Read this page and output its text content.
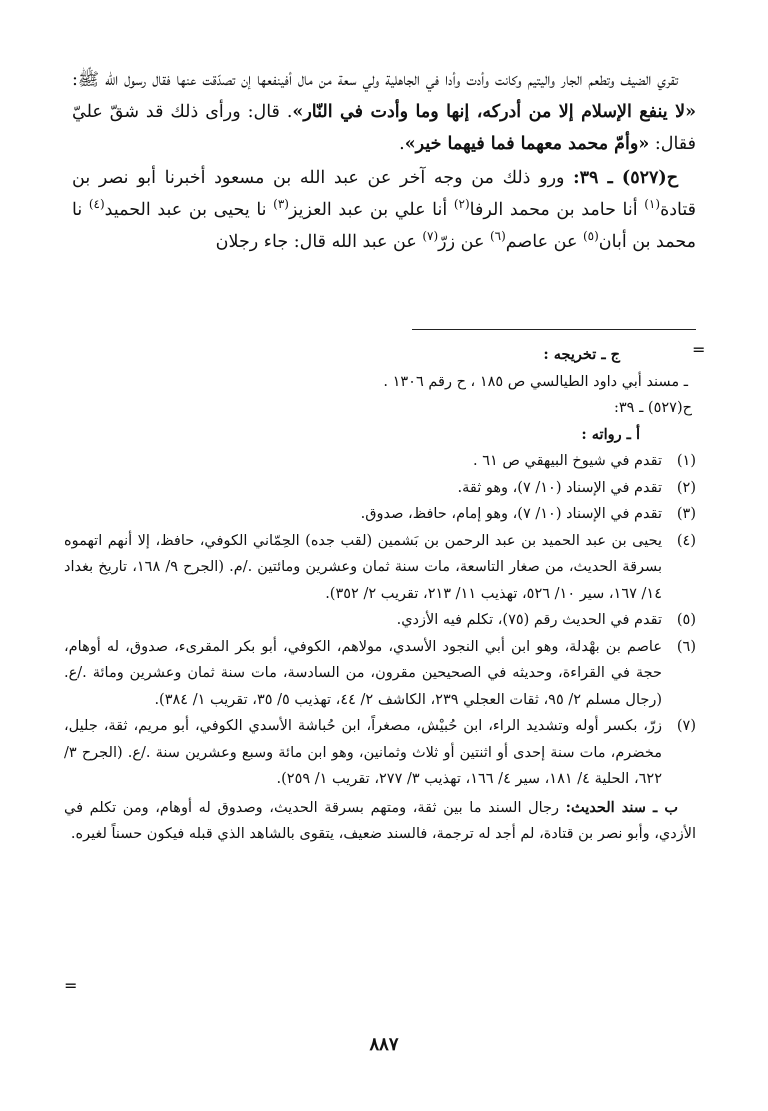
تقري الضيف وتطعم الجار واليتيم وكانت وأدت وأدا في الجاهلية ولي سعة من مال أفينفعها إن تصدّقت عنها فقال رسول الله ﷺ: «لا ينفع الإسلام إلا من أدركه، إنها وما وأدت في النّار». قال: ورأى ذلك قد شقّ عليّ فقال: «وأمّ محمد معهما فما فيهما خير».

ح(٥٢٧) ـ ٣٩: ورو ذلك من وجه آخر عن عبد الله بن مسعود أخبرنا أبو نصر بن قتادة$^{(١)}$ أنا حامد بن محمد الرفا$^{(٢)}$ أنا علي بن عبد العزيز$^{(٣)}$ نا يحيى بن عبد الحميد$^{(٤)}$ نا محمد بن أبان$^{(٥)}$ عن عاصم$^{(٦)}$ عن زرّ$^{(٧)}$ عن عبد الله قال: جاء رجلان

=
ج ـ تخريجه :
ـ مسند أبي داود الطيالسي ص ١٨٥ ، ح رقم ١٣٠٦ .
ح(٥٢٧) ـ ٣٩:
أ ـ رواته :
(١)
تقدم في شيوخ البيهقي ص ٦١ .
(٢)
تقدم في الإسناد (١٠/ ٧)، وهو ثقة.
(٣)
تقدم في الإسناد (١٠/ ٧)، وهو إمام، حافظ، صدوق.
(٤)
يحيى بن عبد الحميد بن عبد الرحمن بن بَشمين (لقب جده) الحِمّاني الكوفي، حافظ، إلا أنهم اتهموه بسرقة الحديث، من صغار التاسعة، مات سنة ثمان وعشرين ومائتين ./م. (الجرح ٩/ ١٦٨، تاريخ بغداد ١٤/ ١٦٧، سير ١٠/ ٥٢٦، تهذيب ١١/ ٢١٣، تقريب ٢/ ٣٥٢).
(٥)
تقدم في الحديث رقم (٧٥)، تكلم فيه الأزدي.
(٦)
عاصم بن بهْدلة، وهو ابن أبي النجود الأسدي، مولاهم، الكوفي، أبو بكر المقرىء، صدوق، له أوهام، حجة في القراءة، وحديثه في الصحيحين مقرون، من السادسة، مات سنة ثمان وعشرين ومائة ./ع. (رجال مسلم ٢/ ٩٥، ثقات العجلي ٢٣٩، الكاشف ٢/ ٤٤، تهذيب ٥/ ٣٥، تقريب ١/ ٣٨٤).
(٧)
زرّ، بكسر أوله وتشديد الراء، ابن حُبيْش، مصغراً، ابن حُباشة الأسدي الكوفي، أبو مريم، ثقة، جليل، مخضرم، مات سنة إحدى أو اثنتين أو ثلاث وثمانين، وهو ابن مائة وسبع وعشرين سنة ./ع. (الجرح ٣/ ٦٢٢، الحلية ٤/ ١٨١، سير ٤/ ١٦٦، تهذيب ٣/ ٢٧٧، تقريب ١/ ٢٥٩).
ب ـ سند الحديث: رجال السند ما بين ثقة، ومتهم بسرقة الحديث، وصدوق له أوهام، ومن تكلم في الأزدي، وأبو نصر بن قتادة، لم أجد له ترجمة، فالسند ضعيف، يتقوى بالشاهد الذي قبله فيكون حسناً لغيره.
=
٨٨٧
